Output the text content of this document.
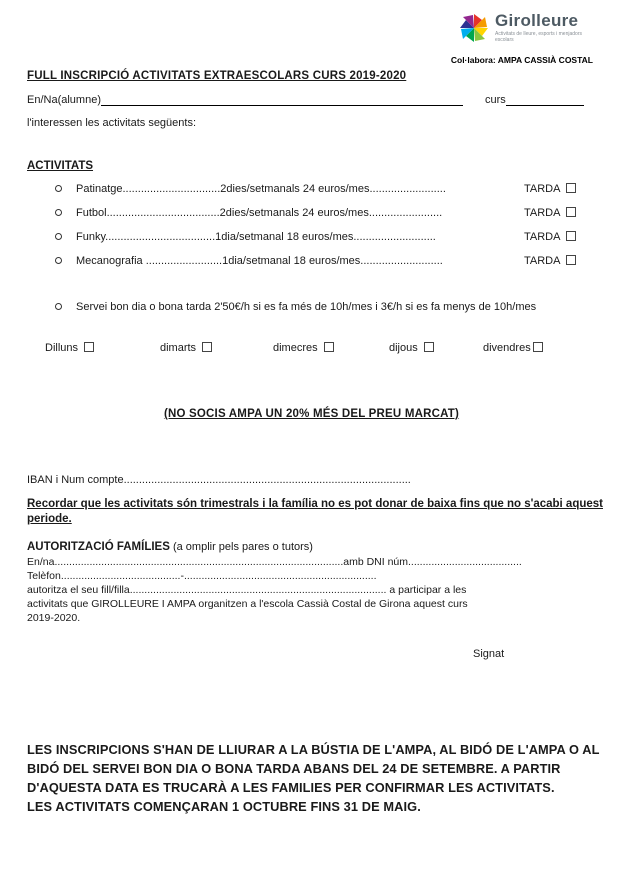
Girolleure
Activitats de lleure, esports i menjadors escolars
Col·labora: AMPA CASSIÀ COSTAL
FULL INSCRIPCIÓ ACTIVITATS EXTRAESCOLARS CURS 2019-2020
En/Na(alumne)	curs
l'interessen les activitats següents:
ACTIVITATS
Patinatge................................2dies/setmanals 24 euros/mes.........................	TARDA
Futbol.....................................2dies/setmanals 24 euros/mes........................	TARDA
Funky....................................1dia/setmanal 18 euros/mes...........................	TARDA
Mecanografia .........................1dia/setmanal 18 euros/mes...........................	TARDA
Servei bon dia o bona tarda 2'50€/h si es fa més de 10h/mes i 3€/h si es fa menys de 10h/mes
Dilluns	dimarts	dimecres	dijous	divendres
(NO SOCIS AMPA UN 20% MÉS DEL PREU MARCAT)
IBAN i Num compte..............................................................................................
Recordar que les activitats són trimestrals i la família no es pot donar de baixa fins que no s'acabi aquest periode.
AUTORITZACIÓ FAMÍLIES (a omplir pels pares o tutors)
En/na...................................................................................................amb DNI núm.......................................
Telèfon.........................................-..................................................................
autoritza el seu fill/filla........................................................................................ a participar a les
activitats que GIROLLEURE I AMPA organitzen a l'escola Cassià Costal de Girona aquest curs
2019-2020.
Signat
LES INSCRIPCIONS S'HAN DE LLIURAR A LA BÚSTIA DE L'AMPA, AL BIDÓ DE L'AMPA O AL BIDÓ DEL SERVEI BON DIA O BONA TARDA ABANS DEL 24 DE SETEMBRE. A PARTIR D'AQUESTA DATA ES TRUCARÀ A LES FAMILIES PER CONFIRMAR LES ACTIVITATS.
LES ACTIVITATS COMENÇARAN 1 OCTUBRE FINS 31 DE MAIG.
